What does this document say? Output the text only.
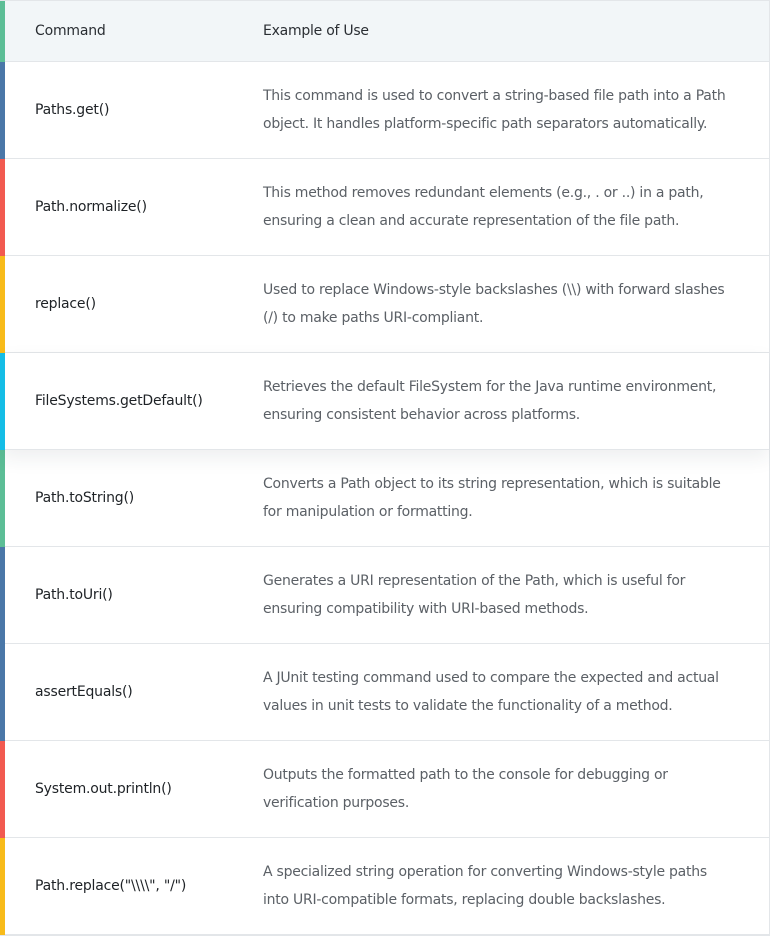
Command	Example of Use
Paths.get()
This command is used to convert a string-based file path into a Path object. It handles platform-specific path separators automatically.
Path.normalize()
This method removes redundant elements (e.g., . or ..) in a path, ensuring a clean and accurate representation of the file path.
replace()
Used to replace Windows-style backslashes (\\) with forward slashes (/) to make paths URI-compliant.
FileSystems.getDefault()
Retrieves the default FileSystem for the Java runtime environment, ensuring consistent behavior across platforms.
Path.toString()
Converts a Path object to its string representation, which is suitable for manipulation or formatting.
Path.toUri()
Generates a URI representation of the Path, which is useful for ensuring compatibility with URI-based methods.
assertEquals()
A JUnit testing command used to compare the expected and actual values in unit tests to validate the functionality of a method.
System.out.println()
Outputs the formatted path to the console for debugging or verification purposes.
Path.replace("\\\\", "/")
A specialized string operation for converting Windows-style paths into URI-compatible formats, replacing double backslashes.
